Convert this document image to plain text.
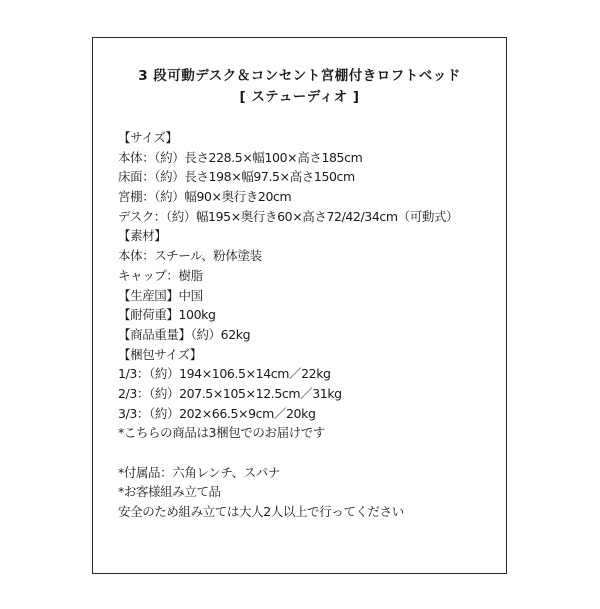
3 段可動デスク＆コンセント宮棚付きロフトベッド
[ ステューディオ ]
【サイズ】
本体：（約）長さ228.5×幅100×高さ185cm
床面：（約）長さ198×幅97.5×高さ150cm
宮棚：（約）幅90×奥行き20cm
デスク：（約）幅195×奥行き60×高さ72/42/34cm（可動式）
【素材】
本体：スチール、粉体塗装
キャップ：樹脂
【生産国】中国
【耐荷重】100kg
【商品重量】（約）62kg
【梱包サイズ】
1/3：（約）194×106.5×14cm／22kg
2/3：（約）207.5×105×12.5cm／31kg
3/3：（約）202×66.5×9cm／20kg
*こちらの商品は3梱包でのお届けです
*付属品：六角レンチ、スパナ
*お客様組み立て品
安全のため組み立ては大人2人以上で行ってください
